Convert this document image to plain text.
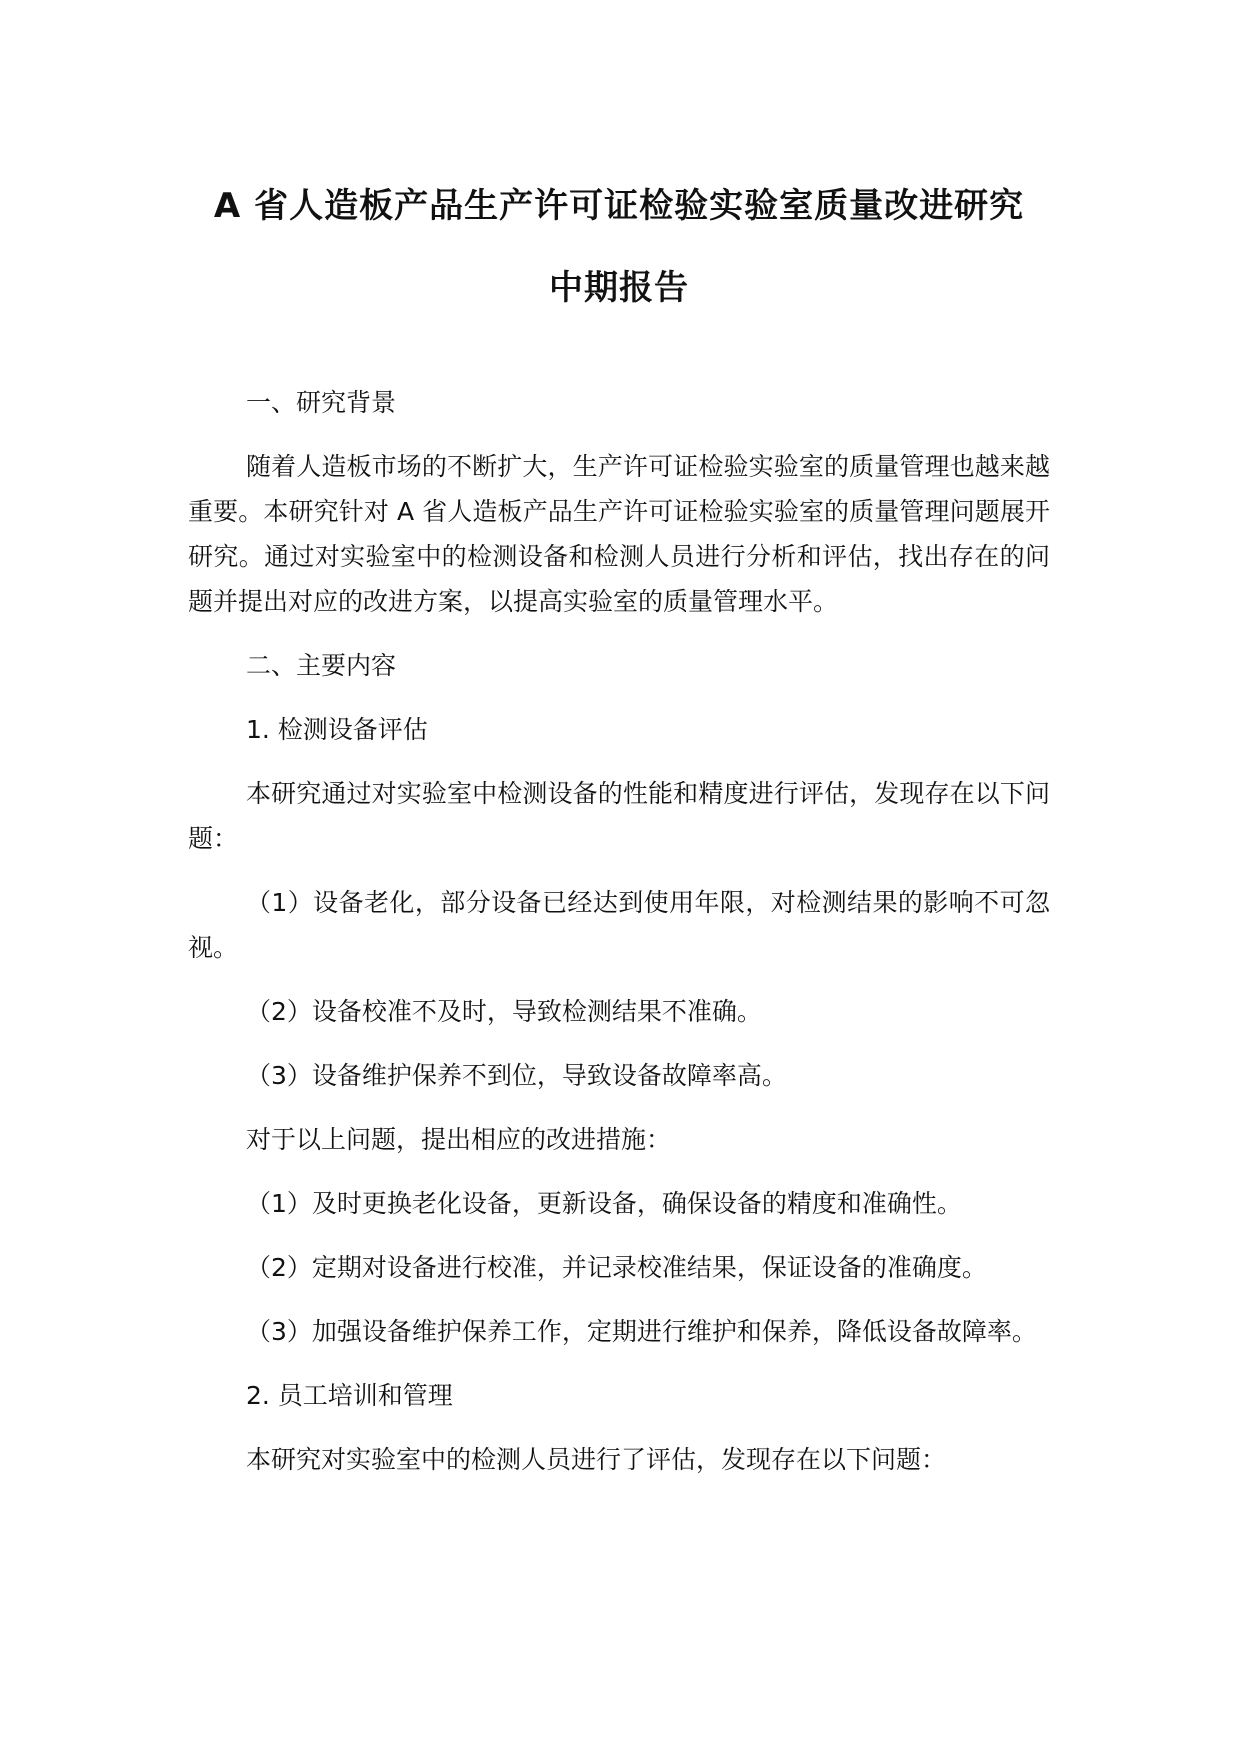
A 省人造板产品生产许可证检验实验室质量改进研究
中期报告

一、研究背景

随着人造板市场的不断扩大，生产许可证检验实验室的质量管理也越来越重要。本研究针对 A 省人造板产品生产许可证检验实验室的质量管理问题展开研究。通过对实验室中的检测设备和检测人员进行分析和评估，找出存在的问题并提出对应的改进方案，以提高实验室的质量管理水平。

二、主要内容

1. 检测设备评估

本研究通过对实验室中检测设备的性能和精度进行评估，发现存在以下问题：

（1）设备老化，部分设备已经达到使用年限，对检测结果的影响不可忽视。

（2）设备校准不及时，导致检测结果不准确。

（3）设备维护保养不到位，导致设备故障率高。

对于以上问题，提出相应的改进措施：

（1）及时更换老化设备，更新设备，确保设备的精度和准确性。

（2）定期对设备进行校准，并记录校准结果，保证设备的准确度。

（3）加强设备维护保养工作，定期进行维护和保养，降低设备故障率。

2. 员工培训和管理

本研究对实验室中的检测人员进行了评估，发现存在以下问题：
